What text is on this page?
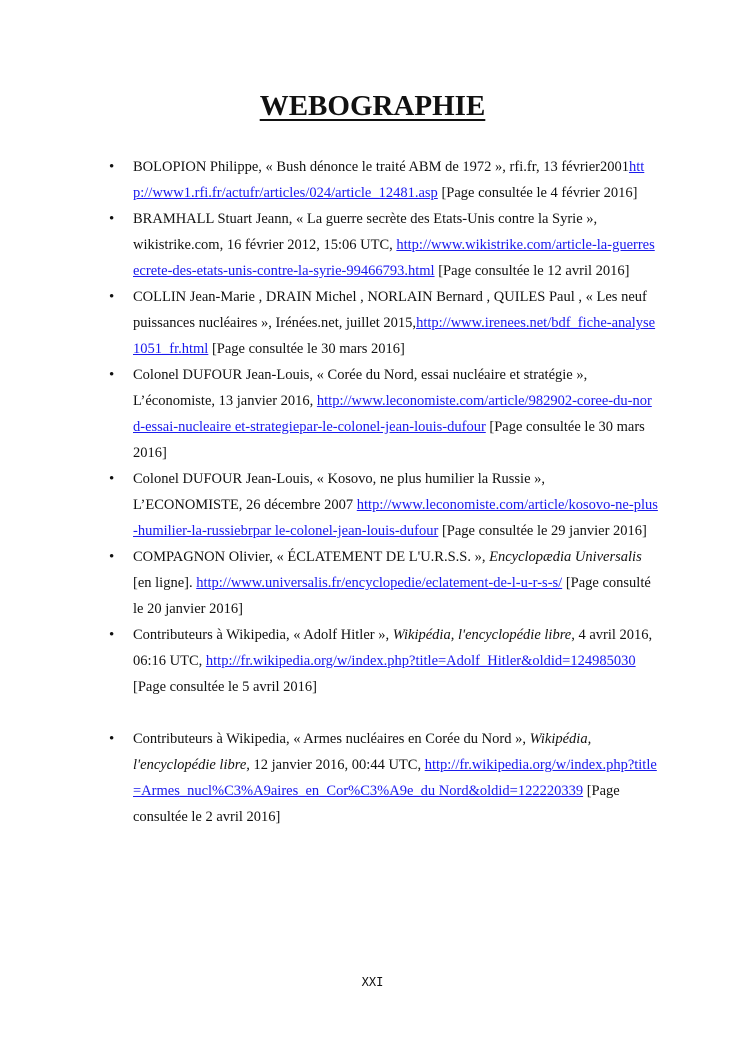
WEBOGRAPHIE
• BOLOPION Philippe, « Bush dénonce le traité ABM de 1972 », rfi.fr, 13 février2001http://www1.rfi.fr/actufr/articles/024/article_12481.asp [Page consultée le 4 février 2016]
• BRAMHALL Stuart Jeann, « La guerre secrète des Etats-Unis contre la Syrie », wikistrike.com, 16 février 2012, 15:06 UTC, http://www.wikistrike.com/article-la-guerresecrete-des-etats-unis-contre-la-syrie-99466793.html [Page consultée le 12 avril 2016]
• COLLIN Jean-Marie , DRAIN Michel , NORLAIN Bernard , QUILES Paul , « Les neuf puissances nucléaires », Irénées.net, juillet 2015,http://www.irenees.net/bdf_fiche-analyse 1051_fr.html [Page consultée le 30 mars 2016]
• Colonel DUFOUR Jean-Louis, « Corée du Nord, essai nucléaire et stratégie », L’économiste, 13 janvier 2016, http://www.leconomiste.com/article/982902-coree-du-nord-essai-nucleaire et-strategiepar-le-colonel-jean-louis-dufour [Page consultée le 30 mars 2016]
• Colonel DUFOUR Jean-Louis, « Kosovo, ne plus humilier la Russie », L’ECONOMISTE, 26 décembre 2007 http://www.leconomiste.com/article/kosovo-ne-plus-humilier-la-russiebrpar le-colonel-jean-louis-dufour [Page consultée le 29 janvier 2016]
• COMPAGNON Olivier, « ÉCLATEMENT DE L'U.R.S.S. », Encyclopædia Universalis [en ligne]. http://www.universalis.fr/encyclopedie/eclatement-de-l-u-r-s-s/ [Page consulté le 20 janvier 2016]
• Contributeurs à Wikipedia, « Adolf Hitler », Wikipédia, l'encyclopédie libre, 4 avril 2016, 06:16 UTC, http://fr.wikipedia.org/w/index.php?title=Adolf_Hitler&oldid=124985030[Page consultée le 5 avril 2016]
• Contributeurs à Wikipedia, « Armes nucléaires en Corée du Nord », Wikipédia, l'encyclopédie libre, 12 janvier 2016, 00:44 UTC, http://fr.wikipedia.org/w/index.php?title=Armes_nucl%C3%A9aires_en_Cor%C3%A9e_du Nord&oldid=122220339 [Page consultée le 2 avril 2016]
XXI
